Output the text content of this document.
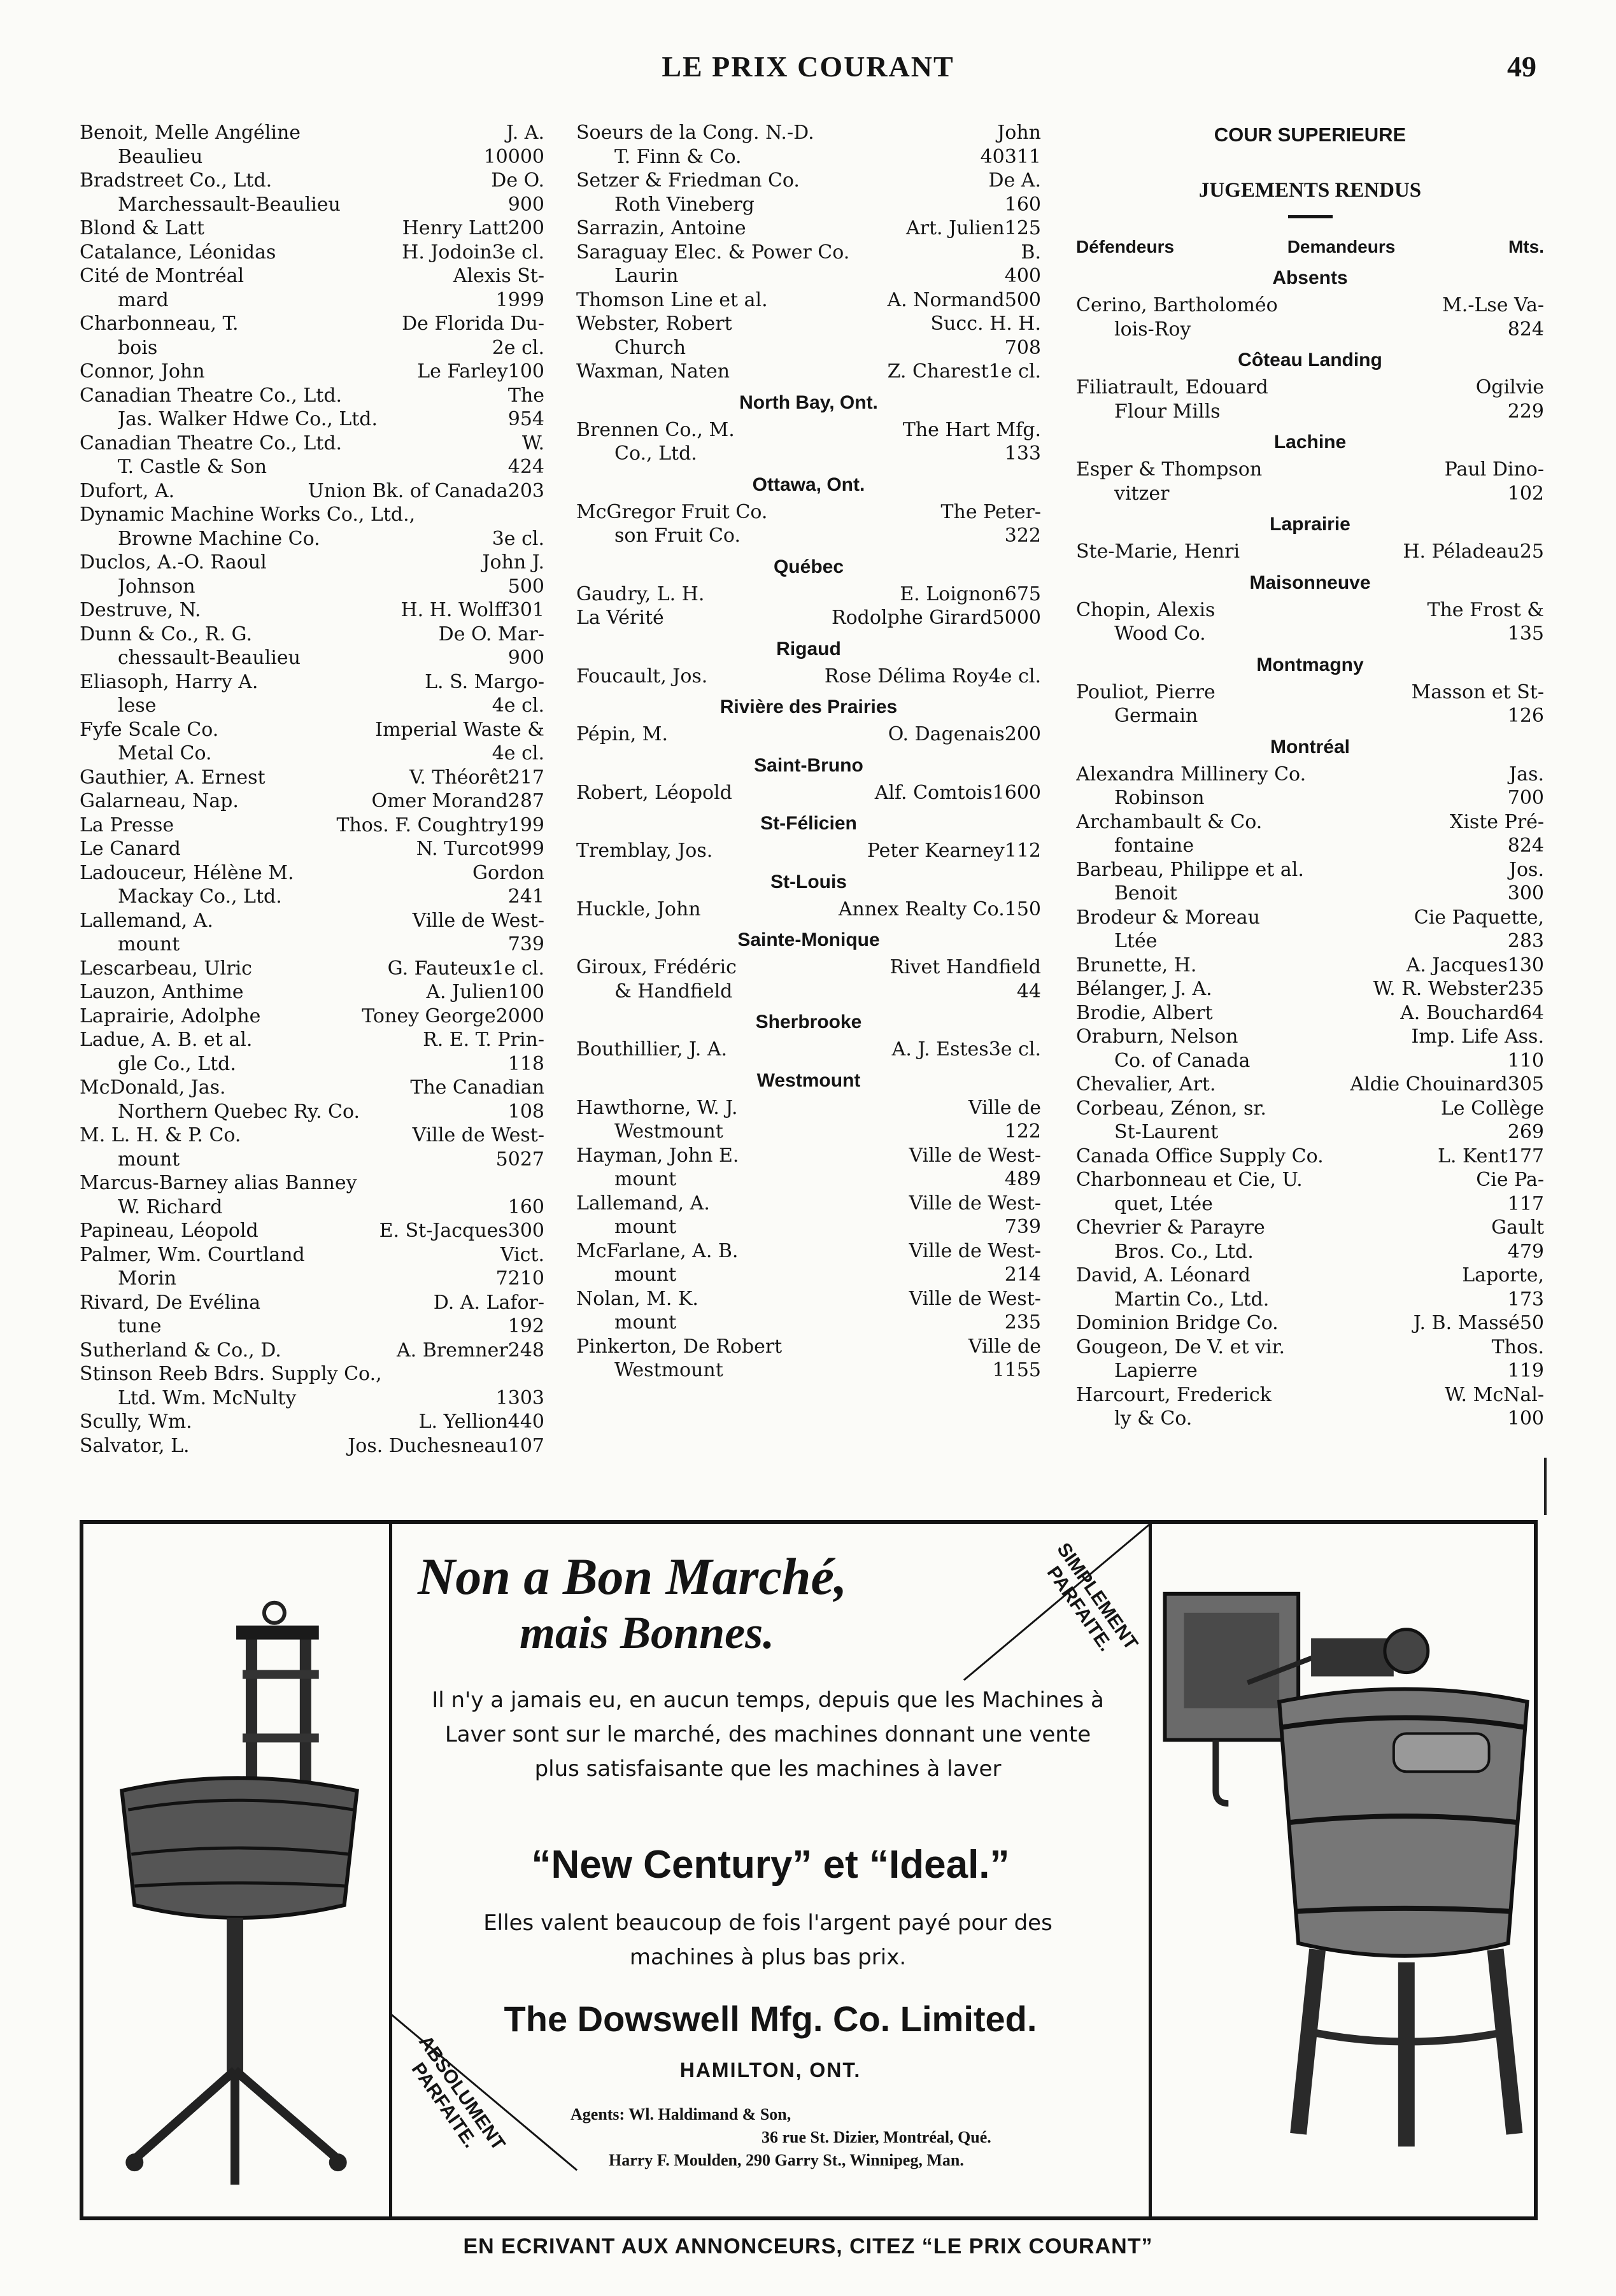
LE PRIX COURANT	49
Benoit, Melle Angéline	J. A.
Beaulieu	10000
Bradstreet Co., Ltd.	De O.
Marchessault-Beaulieu	900
Blond & Latt	Henry Latt 200
Catalance, Léonidas	H. Jodoin 3e cl.
Cité de Montréal	Alexis St-
mard	1999
Charbonneau, T.	De Florida Du-
bois	2e cl.
Connor, John	Le Farley 100
Canadian Theatre Co., Ltd.	The
Jas. Walker Hdwe Co., Ltd.	954
Canadian Theatre Co., Ltd.	W.
T. Castle & Son	424
Dufort, A.	Union Bk. of Canada 203
Dynamic Machine Works Co., Ltd.,
Browne Machine Co.	3e cl.
Duclos, A.-O. Raoul	John J.
Johnson	500
Destruve, N.	H. H. Wolff 301
Dunn & Co., R. G.	De O. Mar-
chessault-Beaulieu	900
Eliasoph, Harry A.	L. S. Margo-
lese	4e cl.
Fyfe Scale Co.	Imperial Waste &
Metal Co.	4e cl.
Gauthier, A. Ernest	V. Théorêt 217
Galarneau, Nap.	Omer Morand 287
La Presse	Thos. F. Coughtry 199
Le Canard	N. Turcot 999
Ladouceur, Hélène M.	Gordon
Mackay Co., Ltd.	241
Lallemand, A.	Ville de West-
mount	739
Lescarbeau, Ulric	G. Fauteux 1e cl.
Lauzon, Anthime	A. Julien 100
Laprairie, Adolphe	Toney George 2000
Ladue, A. B. et al.	R. E. T. Prin-
gle Co., Ltd.	118
McDonald, Jas.	The Canadian
Northern Quebec Ry. Co.	108
M. L. H. & P. Co.	Ville de West-
mount	5027
Marcus-Barney alias Banney
W. Richard	160
Papineau, Léopold	E. St-Jacques 300
Palmer, Wm. Courtland	Vict.
Morin	7210
Rivard, De Evélina	D. A. Lafor-
tune	192
Sutherland & Co., D.	A. Bremner 248
Stinson Reeb Bdrs. Supply Co.,
Ltd. Wm. McNulty	1303
Scully, Wm.	L. Yellion 440
Salvator, L.	Jos. Duchesneau 107
Soeurs de la Cong. N.-D.	John
T. Finn & Co.	40311
Setzer & Friedman Co.	De A.
Roth Vineberg	160
Sarrazin, Antoine	Art. Julien 125
Saraguay Elec. & Power Co.	B.
Laurin	400
Thomson Line et al.	A. Normand 500
Webster, Robert	Succ. H. H.
Church	708
Waxman, Naten	Z. Charest 1e cl.
North Bay, Ont.
Brennen Co., M.	The Hart Mfg.
Co., Ltd.	133
Ottawa, Ont.
McGregor Fruit Co.	The Peter-
son Fruit Co.	322
Québec
Gaudry, L. H.	E. Loignon 675
La Vérité	Rodolphe Girard 5000
Rigaud
Foucault, Jos.	Rose Délima Roy 4e cl.
Rivière des Prairies
Pépin, M.	O. Dagenais 200
Saint-Bruno
Robert, Léopold	Alf. Comtois 1600
St-Félicien
Tremblay, Jos.	Peter Kearney 112
St-Louis
Huckle, John	Annex Realty Co. 150
Sainte-Monique
Giroux, Frédéric	Rivet Handfield
& Handfield	44
Sherbrooke
Bouthillier, J. A.	A. J. Estes 3e cl.
Westmount
Hawthorne, W. J.	Ville de
Westmount	122
Hayman, John E.	Ville de West-
mount	489
Lallemand, A.	Ville de West-
mount	739
McFarlane, A. B.	Ville de West-
mount	214
Nolan, M. K.	Ville de West-
mount	235
Pinkerton, De Robert	Ville de
Westmount	1155
COUR SUPERIEURE
JUGEMENTS RENDUS
Défendeurs	Demandeurs	Mts.
Absents
Cerino, Bartholoméo	M.-Lse Va-
lois-Roy	824
Côteau Landing
Filiatrault, Edouard	Ogilvie
Flour Mills	229
Lachine
Esper & Thompson	Paul Dino-
vitzer	102
Laprairie
Ste-Marie, Henri	H. Péladeau 25
Maisonneuve
Chopin, Alexis	The Frost &
Wood Co.	135
Montmagny
Pouliot, Pierre	Masson et St-
Germain	126
Montréal
Alexandra Millinery Co.	Jas.
Robinson	700
Archambault & Co.	Xiste Pré-
fontaine	824
Barbeau, Philippe et al.	Jos.
Benoit	300
Brodeur & Moreau	Cie Paquette,
Ltée	283
Brunette, H.	A. Jacques 130
Bélanger, J. A.	W. R. Webster 235
Brodie, Albert	A. Bouchard 64
Oraburn, Nelson	Imp. Life Ass.
Co. of Canada	110
Chevalier, Art.	Aldie Chouinard 305
Corbeau, Zénon, sr.	Le Collège
St-Laurent	269
Canada Office Supply Co.	L. Kent 177
Charbonneau et Cie, U.	Cie Pa-
quet, Ltée	117
Chevrier & Parayre	Gault
Bros. Co., Ltd.	479
David, A. Léonard	Laporte,
Martin Co., Ltd.	173
Dominion Bridge Co.	J. B. Massé 50
Gougeon, De V. et vir.	Thos.
Lapierre	119
Harcourt, Frederick	W. McNal-
ly & Co.	100
SIMPLEMENT PARFAITE.
Non a Bon Marché,
mais Bonnes.
Il n'y a jamais eu, en aucun temps, depuis que les Machines à Laver sont sur le marché, des machines donnant une vente plus satisfaisante que les machines à laver
“New Century” et “Ideal.”
Elles valent beaucoup de fois l'argent payé pour des machines à plus bas prix.
The Dowswell Mfg. Co. Limited.
HAMILTON, ONT.
Agents: Wl. Haldimand & Son,
36 rue St. Dizier, Montréal, Qué.
Harry F. Moulden, 290 Garry St., Winnipeg, Man.
ABSOLUMENT PARFAITE.
EN ECRIVANT AUX ANNONCEURS, CITEZ “LE PRIX COURANT”
